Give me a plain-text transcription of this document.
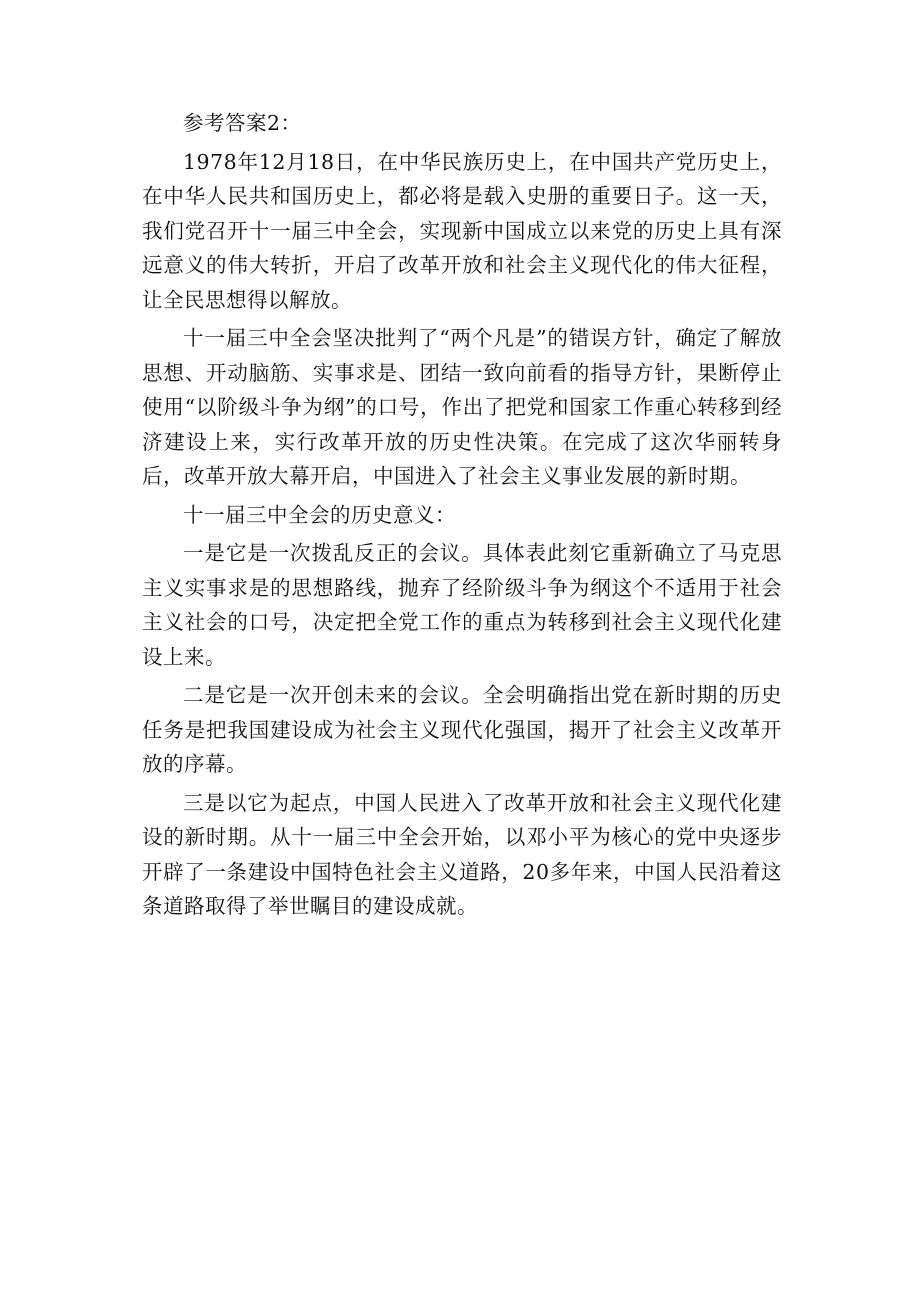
参考答案2：

1978年12月18日，在中华民族历史上，在中国共产党历史上，在中华人民共和国历史上，都必将是载入史册的重要日子。这一天，我们党召开十一届三中全会，实现新中国成立以来党的历史上具有深远意义的伟大转折，开启了改革开放和社会主义现代化的伟大征程，让全民思想得以解放。

十一届三中全会坚决批判了“两个凡是”的错误方针，确定了解放思想、开动脑筋、实事求是、团结一致向前看的指导方针，果断停止使用“以阶级斗争为纲”的口号，作出了把党和国家工作重心转移到经济建设上来，实行改革开放的历史性决策。在完成了这次华丽转身后，改革开放大幕开启，中国进入了社会主义事业发展的新时期。

十一届三中全会的历史意义：

一是它是一次拨乱反正的会议。具体表此刻它重新确立了马克思主义实事求是的思想路线，抛弃了经阶级斗争为纲这个不适用于社会主义社会的口号，决定把全党工作的重点为转移到社会主义现代化建设上来。

二是它是一次开创未来的会议。全会明确指出党在新时期的历史任务是把我国建设成为社会主义现代化强国，揭开了社会主义改革开放的序幕。

三是以它为起点，中国人民进入了改革开放和社会主义现代化建设的新时期。从十一届三中全会开始，以邓小平为核心的党中央逐步开辟了一条建设中国特色社会主义道路，20多年来，中国人民沿着这条道路取得了举世瞩目的建设成就。
